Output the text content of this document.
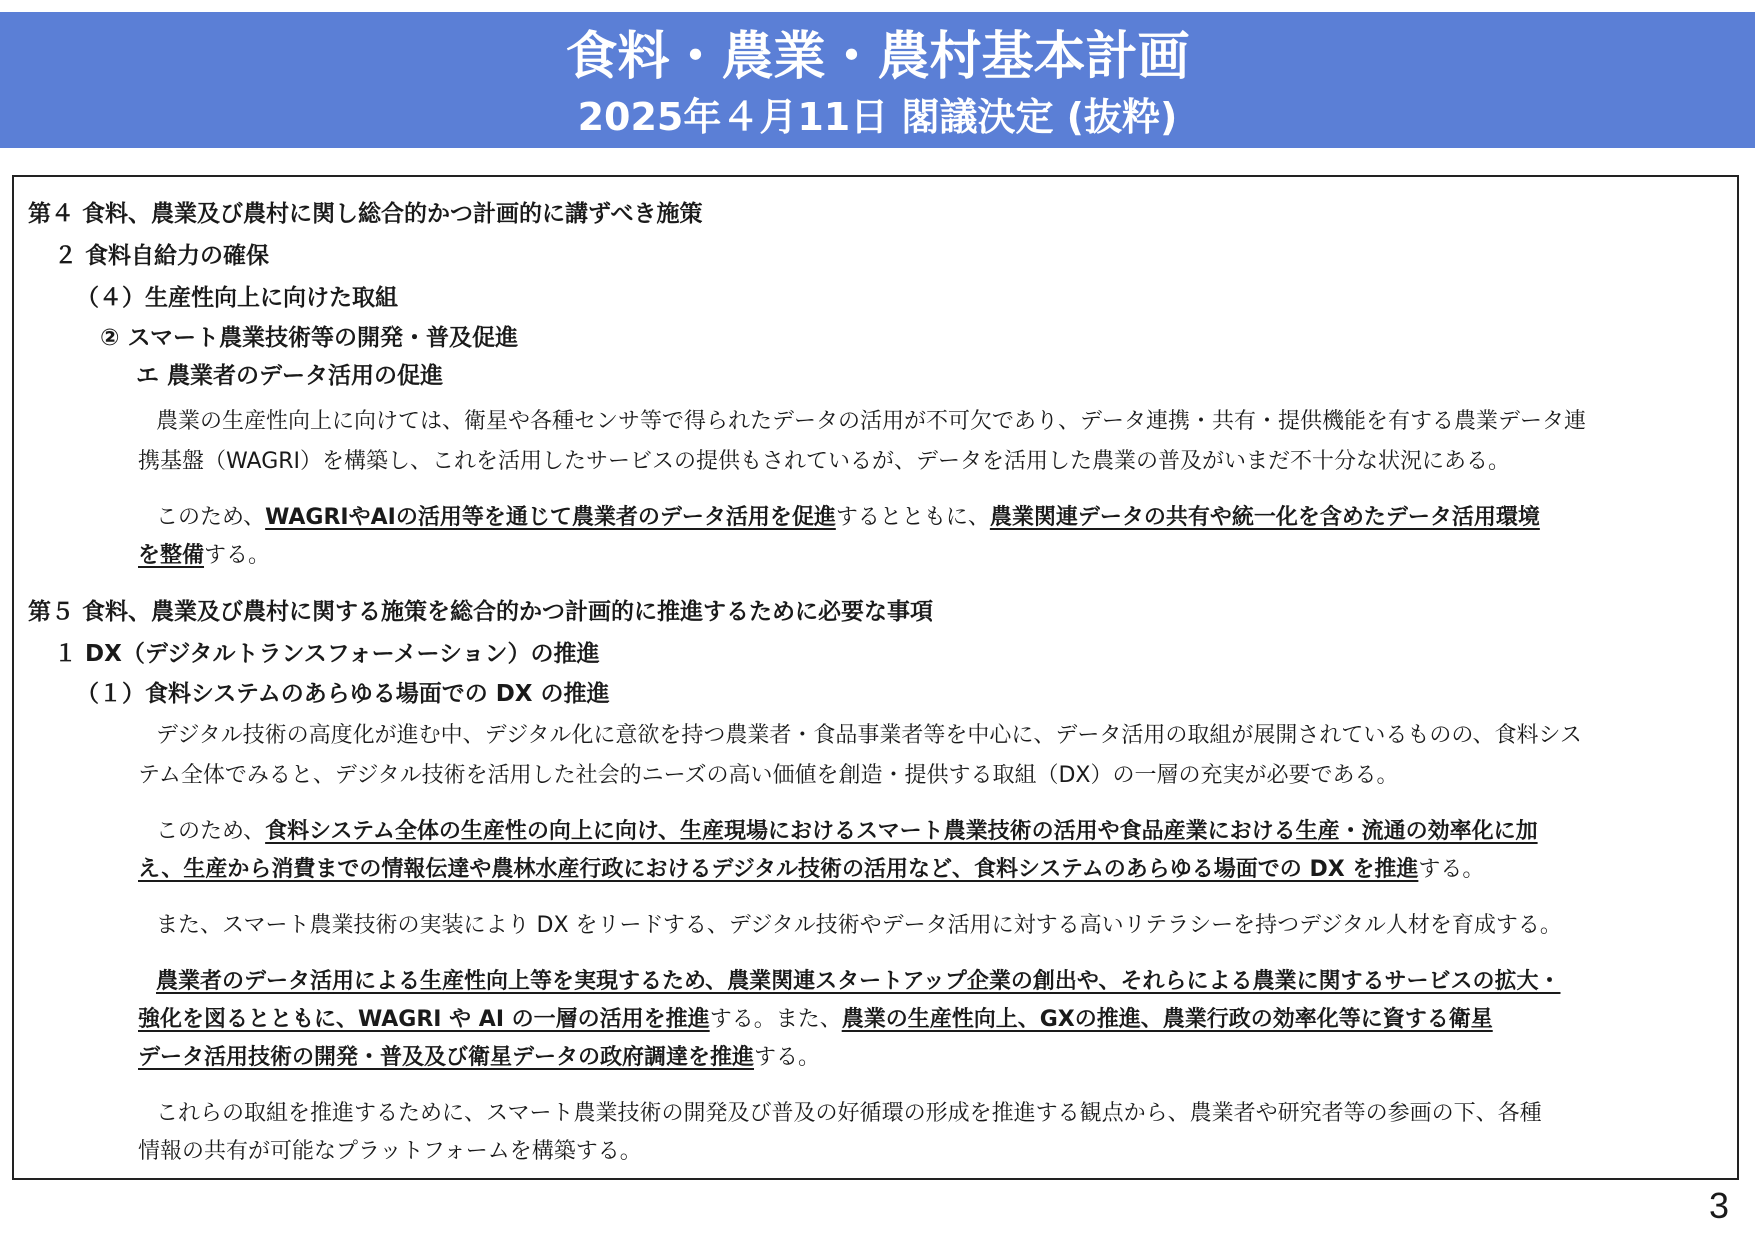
食料・農業・農村基本計画
2025年４月11日 閣議決定 (抜粋)
第４ 食料、農業及び農村に関し総合的かつ計画的に講ずべき施策
２ 食料自給力の確保
（４）生産性向上に向けた取組
② スマート農業技術等の開発・普及促進
エ 農業者のデータ活用の促進
農業の生産性向上に向けては、衛星や各種センサ等で得られたデータの活用が不可欠であり、データ連携・共有・提供機能を有する農業データ連
携基盤（WAGRI）を構築し、これを活用したサービスの提供もされているが、データを活用した農業の普及がいまだ不十分な状況にある。
このため、WAGRIやAIの活用等を通じて農業者のデータ活用を促進するとともに、農業関連データの共有や統一化を含めたデータ活用環境
を整備する。
第５ 食料、農業及び農村に関する施策を総合的かつ計画的に推進するために必要な事項
１ DX（デジタルトランスフォーメーション）の推進
（１）食料システムのあらゆる場面での DX の推進
デジタル技術の高度化が進む中、デジタル化に意欲を持つ農業者・食品事業者等を中心に、データ活用の取組が展開されているものの、食料シス
テム全体でみると、デジタル技術を活用した社会的ニーズの高い価値を創造・提供する取組（DX）の一層の充実が必要である。
このため、食料システム全体の生産性の向上に向け、生産現場におけるスマート農業技術の活用や食品産業における生産・流通の効率化に加
え、生産から消費までの情報伝達や農林水産行政におけるデジタル技術の活用など、食料システムのあらゆる場面での DX を推進する。
また、スマート農業技術の実装により DX をリードする、デジタル技術やデータ活用に対する高いリテラシーを持つデジタル人材を育成する。
農業者のデータ活用による生産性向上等を実現するため、農業関連スタートアップ企業の創出や、それらによる農業に関するサービスの拡大・
強化を図るとともに、WAGRI や AI の一層の活用を推進する。また、農業の生産性向上、GXの推進、農業行政の効率化等に資する衛星
データ活用技術の開発・普及及び衛星データの政府調達を推進する。
これらの取組を推進するために、スマート農業技術の開発及び普及の好循環の形成を推進する観点から、農業者や研究者等の参画の下、各種
情報の共有が可能なプラットフォームを構築する。
3
